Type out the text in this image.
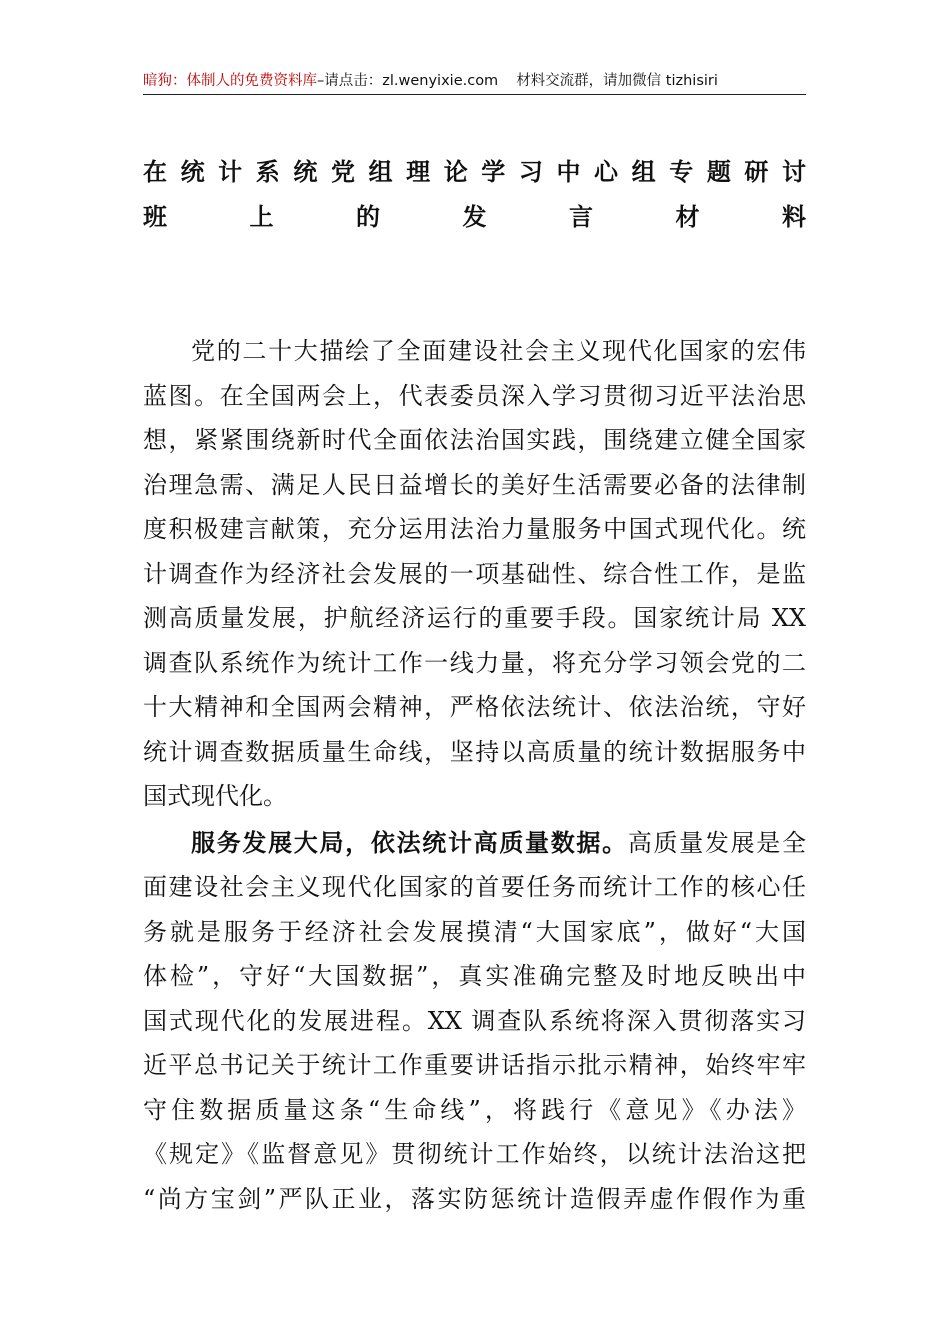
暗狗：体制人的免费资料库–请点击：zl.wenyixie.com 材料交流群，请加微信 tizhisiri
在统计系统党组理论学习中心组专题研讨
班上的发言材料
党的二十大描绘了全面建设社会主义现代化国家的宏伟
蓝图。在全国两会上，代表委员深入学习贯彻习近平法治思
想，紧紧围绕新时代全面依法治国实践，围绕建立健全国家
治理急需、满足人民日益增长的美好生活需要必备的法律制
度积极建言献策，充分运用法治力量服务中国式现代化。统
计调查作为经济社会发展的一项基础性、综合性工作，是监
测高质量发展，护航经济运行的重要手段。国家统计局 XX
调查队系统作为统计工作一线力量，将充分学习领会党的二
十大精神和全国两会精神，严格依法统计、依法治统，守好
统计调查数据质量生命线，坚持以高质量的统计数据服务中
国式现代化。
服务发展大局，依法统计高质量数据。高质量发展是全
面建设社会主义现代化国家的首要任务而统计工作的核心任
务就是服务于经济社会发展摸清“大国家底”，做好“大国
体检”，守好“大国数据”，真实准确完整及时地反映出中
国式现代化的发展进程。XX 调查队系统将深入贯彻落实习
近平总书记关于统计工作重要讲话指示批示精神，始终牢牢
守住数据质量这条“生命线”，将践行《意见》《办法》
《规定》《监督意见》贯彻统计工作始终，以统计法治这把
“尚方宝剑”严队正业，落实防惩统计造假弄虚作假作为重
